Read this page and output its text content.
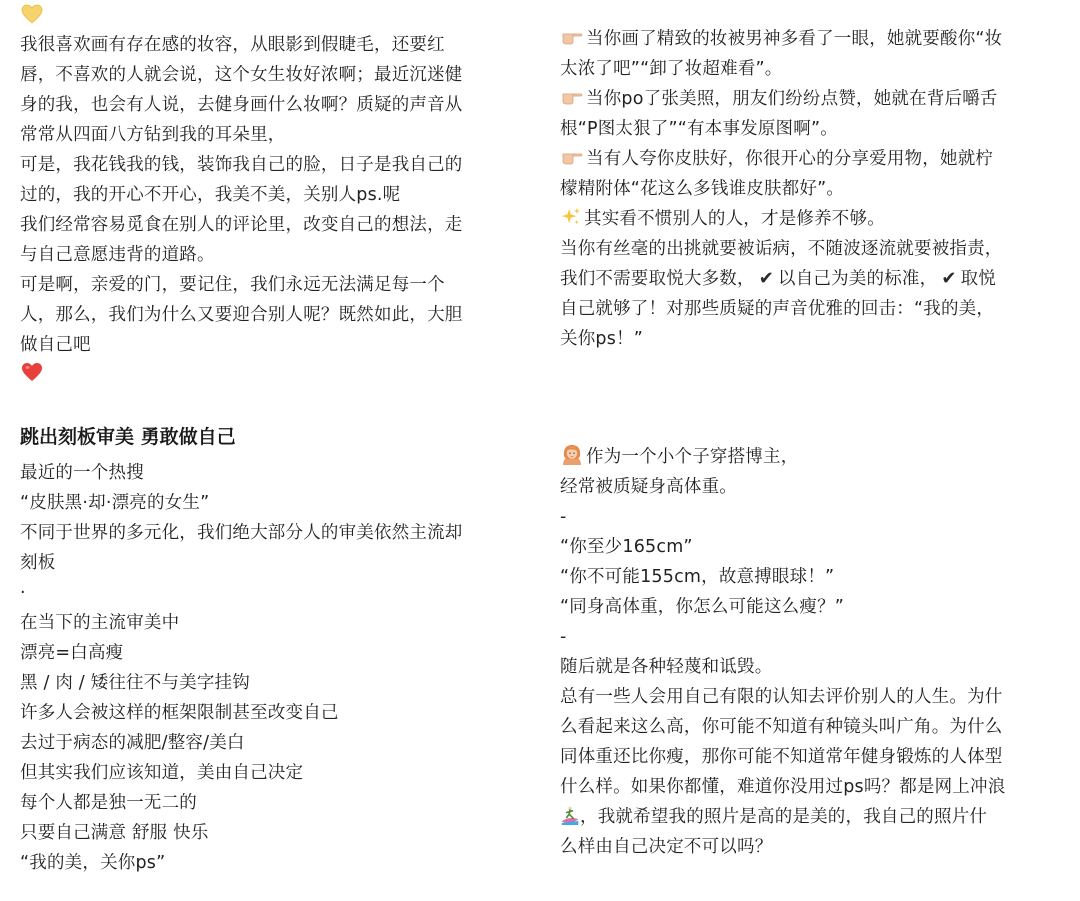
我很喜欢画有存在感的妆容，从眼影到假睫毛，还要红
唇，不喜欢的人就会说，这个女生妆好浓啊；最近沉迷健
身的我，也会有人说，去健身画什么妆啊？质疑的声音从
常常从四面八方钻到我的耳朵里，
可是，我花钱我的钱，装饰我自己的脸，日子是我自己的
过的，我的开心不开心，我美不美，关别人ps.呢
我们经常容易觅食在别人的评论里，改变自己的想法，走
与自己意愿违背的道路。
可是啊，亲爱的门，要记住，我们永远无法满足每一个
人，那么，我们为什么又要迎合别人呢？既然如此，大胆
做自己吧
跳出刻板审美 勇敢做自己
最近的一个热搜
“皮肤黑·却·漂亮的女生”
不同于世界的多元化，我们绝大部分人的审美依然主流却
刻板
·
在当下的主流审美中
漂亮=白高瘦
黑 / 肉 / 矮往往不与美字挂钩
许多人会被这样的框架限制甚至改变自己
去过于病态的减肥/整容/美白
但其实我们应该知道，美由自己决定
每个人都是独一无二的
只要自己满意 舒服 快乐
“我的美，关你ps”
当你画了精致的妆被男神多看了一眼，她就要酸你“妆
太浓了吧”“卸了妆超难看”。
当你po了张美照，朋友们纷纷点赞，她就在背后嚼舌
根“P图太狠了”“有本事发原图啊”。
当有人夸你皮肤好，你很开心的分享爱用物，她就柠
檬精附体“花这么多钱谁皮肤都好”。
其实看不惯别人的人，才是修养不够。
当你有丝毫的出挑就要被诟病，不随波逐流就要被指责，
我们不需要取悦大多数， ✔ 以自己为美的标准， ✔ 取悦
自己就够了！对那些质疑的声音优雅的回击：“我的美，
关你ps！”
作为一个小个子穿搭博主，
经常被质疑身高体重。
-
“你至少165cm”
“你不可能155cm，故意搏眼球！”
“同身高体重，你怎么可能这么瘦？”
-
随后就是各种轻蔑和诋毁。
总有一些人会用自己有限的认知去评价别人的人生。为什
么看起来这么高，你可能不知道有种镜头叫广角。为什么
同体重还比你瘦，那你可能不知道常年健身锻炼的人体型
什么样。如果你都懂，难道你没用过ps吗？都是网上冲浪
，我就希望我的照片是高的是美的，我自己的照片什
么样由自己决定不可以吗？
